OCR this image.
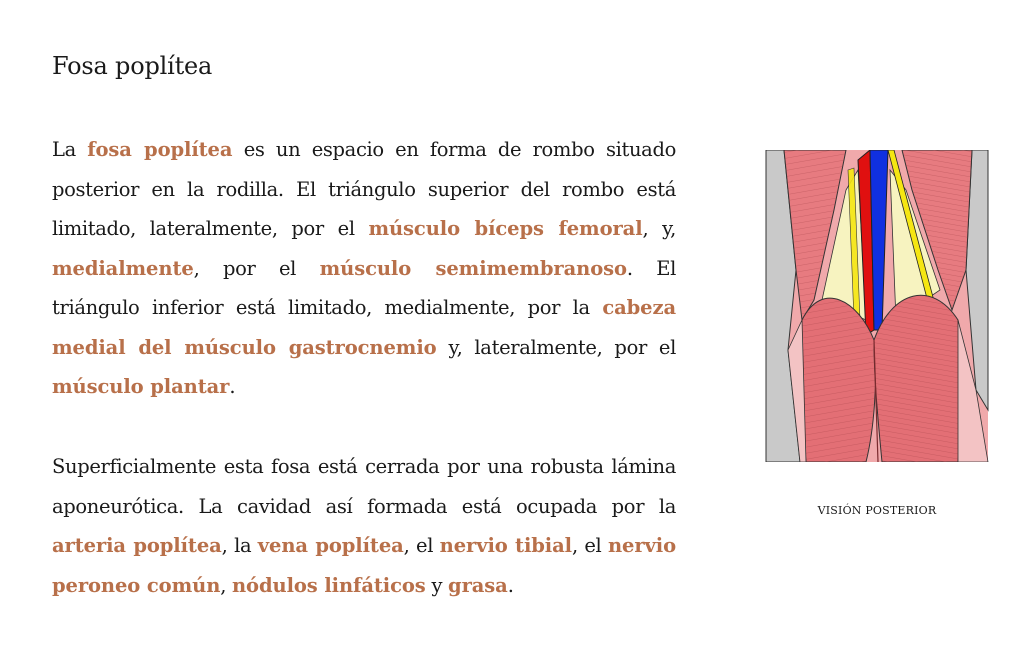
Fosa poplítea

La fosa poplítea es un espacio en forma de rombo situado posterior en la rodilla. El triángulo superior del rombo está limitado, lateralmente, por el músculo bíceps femoral, y, medialmente, por el músculo semimembranoso. El triángulo inferior está limitado, medialmente, por la cabeza medial del músculo gastrocnemio y, lateralmente, por el músculo plantar.

Superficialmente esta fosa está cerrada por una robusta lámina aponeurótica. La cavidad así formada está ocupada por la arteria poplítea, la vena poplítea, el nervio tibial, el nervio peroneo común, nódulos linfáticos y grasa.

VISIÓN POSTERIOR
